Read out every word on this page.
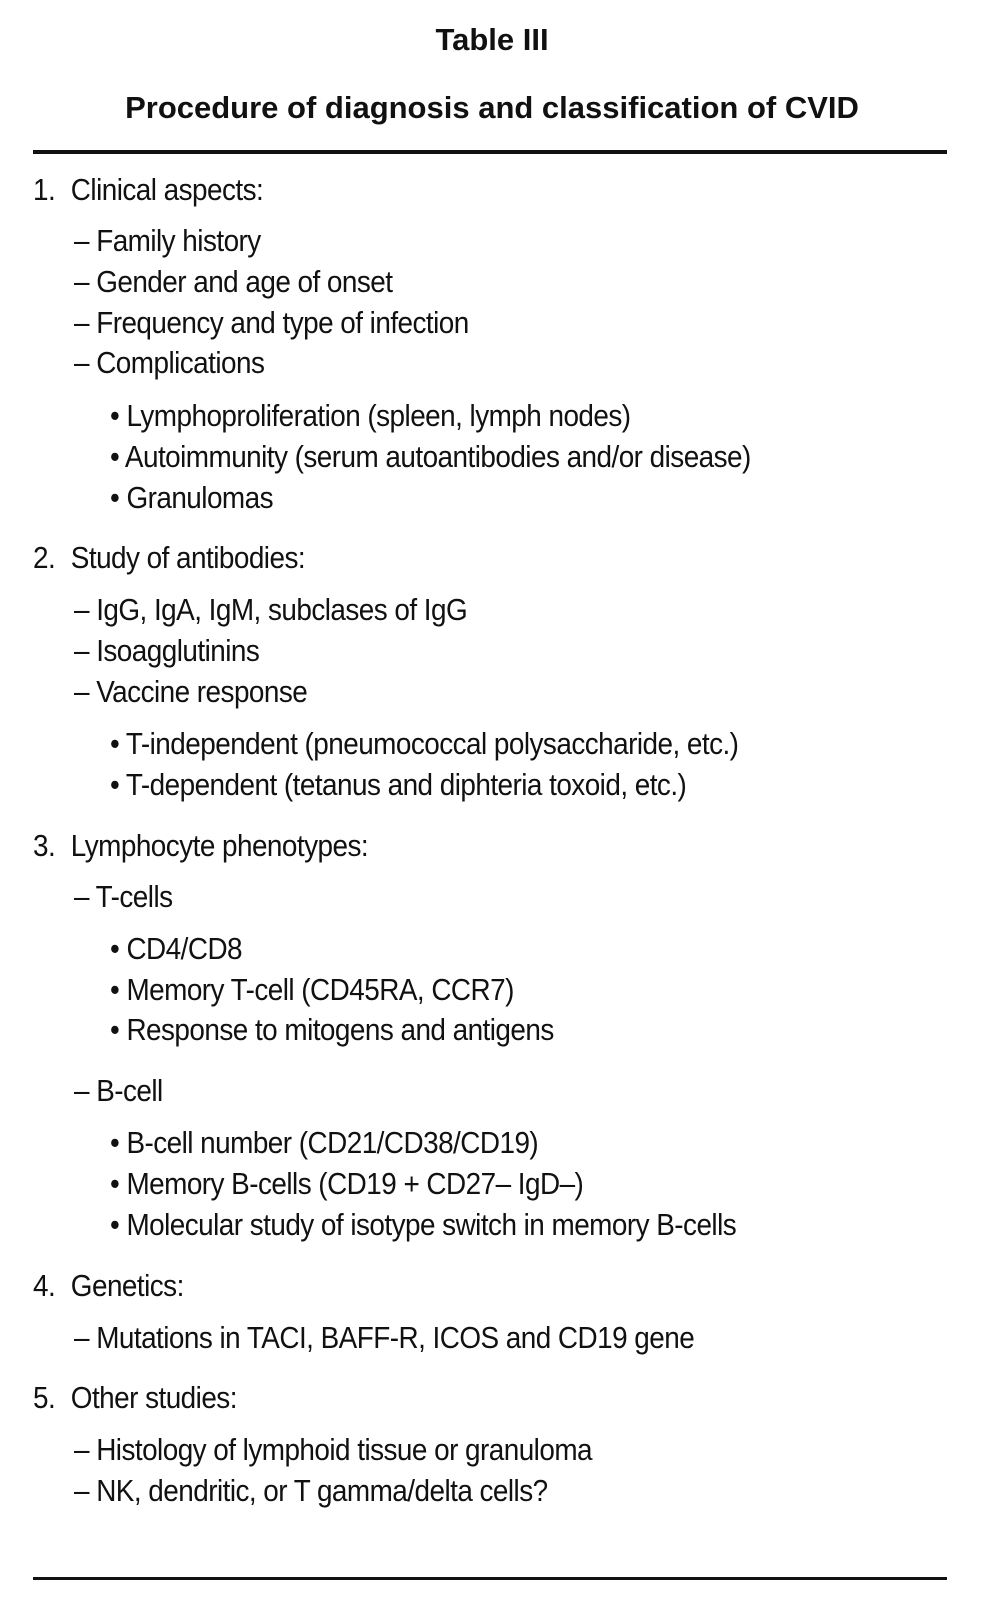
Table III
Procedure of diagnosis and classification of CVID
1. Clinical aspects:
– Family history
– Gender and age of onset
– Frequency and type of infection
– Complications
• Lymphoproliferation (spleen, lymph nodes)
• Autoimmunity (serum autoantibodies and/or disease)
• Granulomas
2. Study of antibodies:
– IgG, IgA, IgM, subclases of IgG
– Isoagglutinins
– Vaccine response
• T-independent (pneumococcal polysaccharide, etc.)
• T-dependent (tetanus and diphteria toxoid, etc.)
3. Lymphocyte phenotypes:
– T-cells
• CD4/CD8
• Memory T-cell (CD45RA, CCR7)
• Response to mitogens and antigens
– B-cell
• B-cell number (CD21/CD38/CD19)
• Memory B-cells (CD19 + CD27– IgD–)
• Molecular study of isotype switch in memory B-cells
4. Genetics:
– Mutations in TACI, BAFF-R, ICOS and CD19 gene
5. Other studies:
– Histology of lymphoid tissue or granuloma
– NK, dendritic, or T gamma/delta cells?
